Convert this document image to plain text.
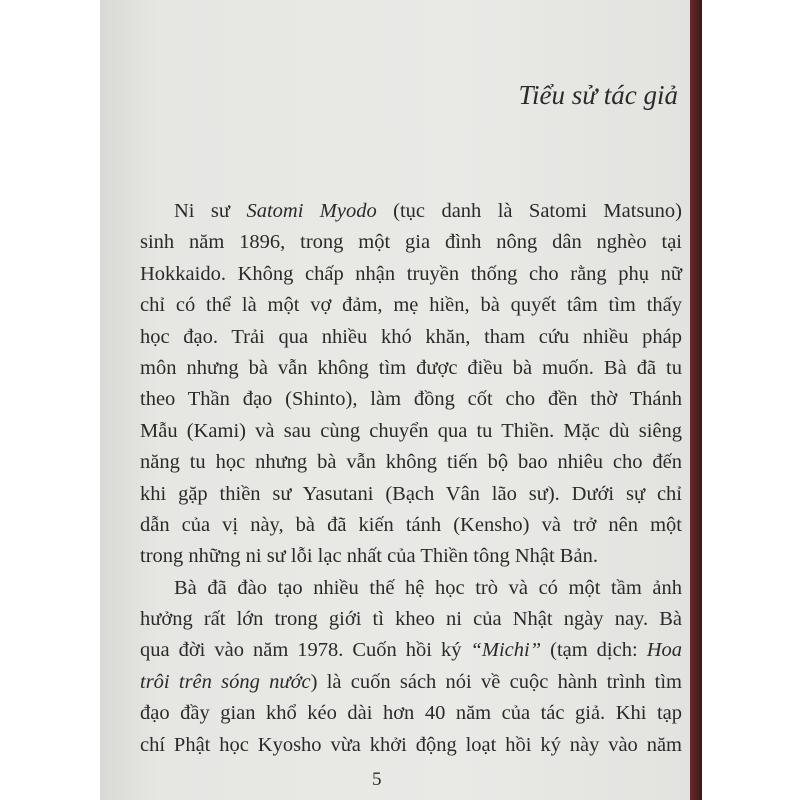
Tiểu sử tác giả
Ni sư Satomi Myodo (tục danh là Satomi Matsuno)
sinh năm 1896, trong một gia đình nông dân nghèo tại
Hokkaido. Không chấp nhận truyền thống cho rằng phụ nữ
chỉ có thể là một vợ đảm, mẹ hiền, bà quyết tâm tìm thấy
học đạo. Trải qua nhiều khó khăn, tham cứu nhiều pháp
môn nhưng bà vẫn không tìm được điều bà muốn. Bà đã tu
theo Thần đạo (Shinto), làm đồng cốt cho đền thờ Thánh
Mẫu (Kami) và sau cùng chuyển qua tu Thiền. Mặc dù siêng
năng tu học nhưng bà vẫn không tiến bộ bao nhiêu cho đến
khi gặp thiền sư Yasutani (Bạch Vân lão sư). Dưới sự chỉ
dẫn của vị này, bà đã kiến tánh (Kensho) và trở nên một
trong những ni sư lỗi lạc nhất của Thiền tông Nhật Bản.
Bà đã đào tạo nhiều thế hệ học trò và có một tầm ảnh
hưởng rất lớn trong giới tì kheo ni của Nhật ngày nay. Bà
qua đời vào năm 1978. Cuốn hồi ký “Michi” (tạm dịch: Hoa
trôi trên sóng nước) là cuốn sách nói về cuộc hành trình tìm
đạo đầy gian khổ kéo dài hơn 40 năm của tác giả. Khi tạp
chí Phật học Kyosho vừa khởi động loạt hồi ký này vào năm
5
